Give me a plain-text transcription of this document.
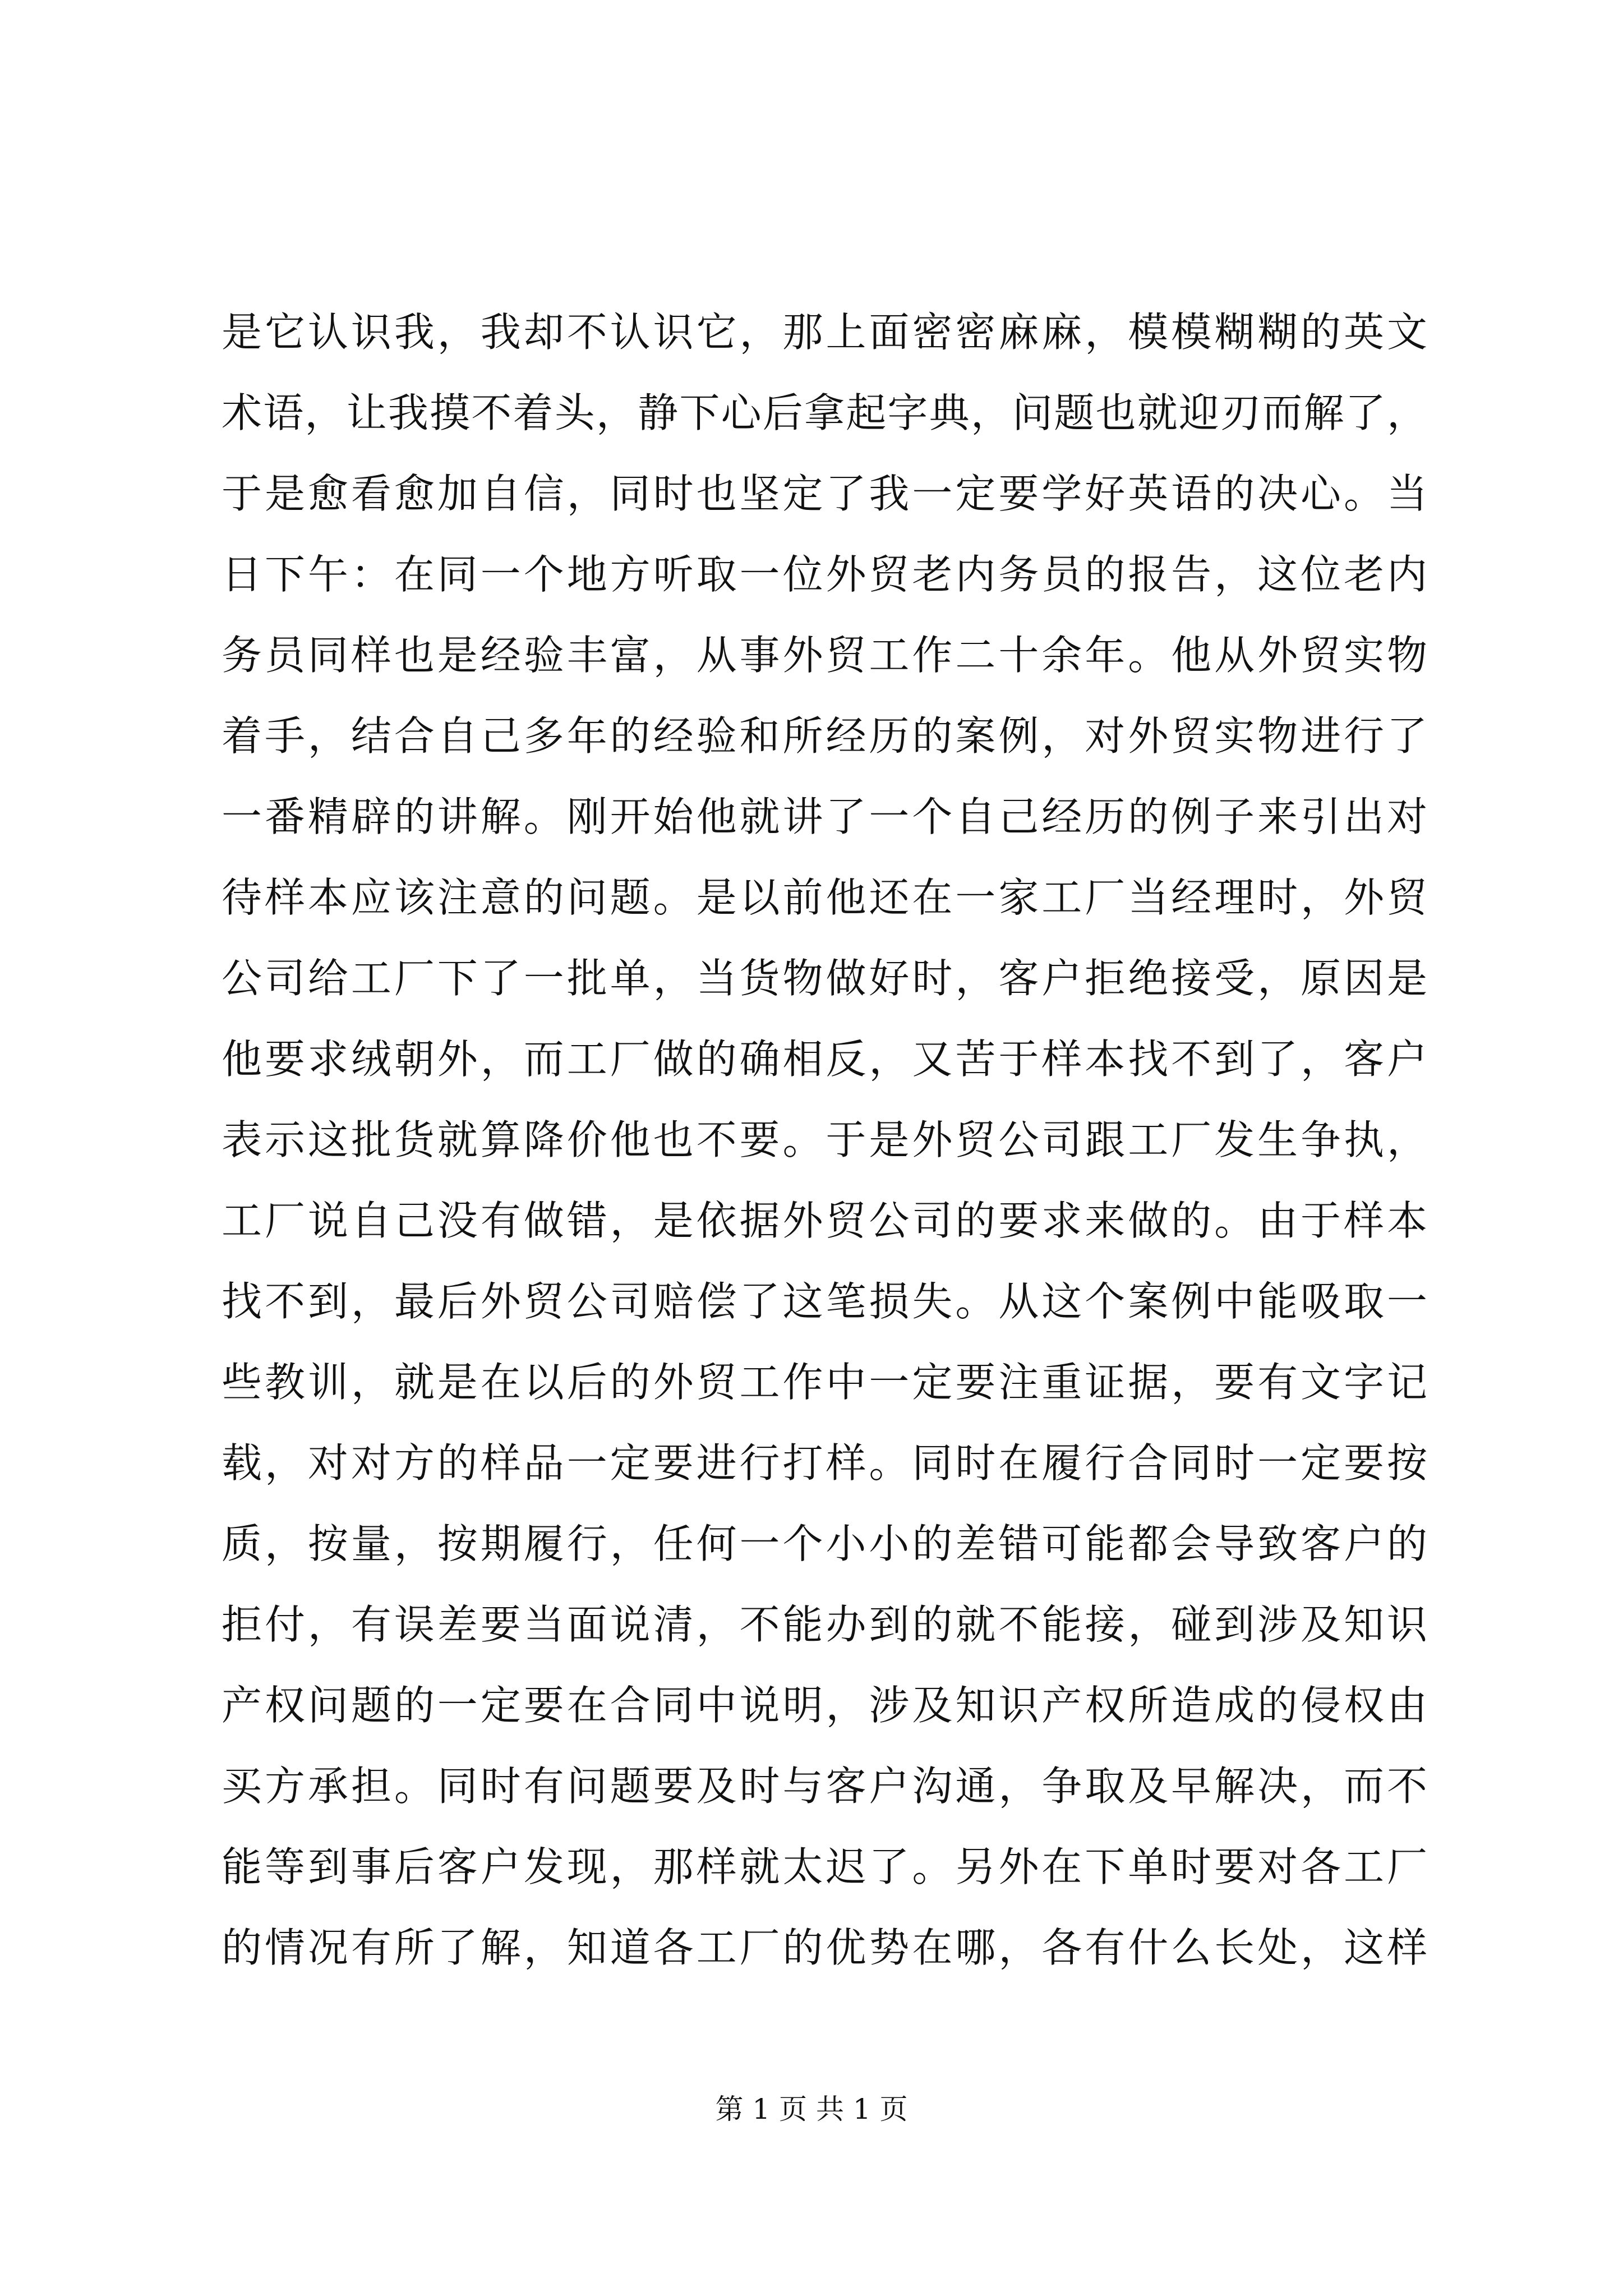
是它认识我，我却不认识它，那上面密密麻麻，模模糊糊的英文
术语，让我摸不着头，静下心后拿起字典，问题也就迎刃而解了，
于是愈看愈加自信，同时也坚定了我一定要学好英语的决心。当
日下午：在同一个地方听取一位外贸老内务员的报告，这位老内
务员同样也是经验丰富，从事外贸工作二十余年。他从外贸实物
着手，结合自己多年的经验和所经历的案例，对外贸实物进行了
一番精辟的讲解。刚开始他就讲了一个自己经历的例子来引出对
待样本应该注意的问题。是以前他还在一家工厂当经理时，外贸
公司给工厂下了一批单，当货物做好时，客户拒绝接受，原因是
他要求绒朝外，而工厂做的确相反，又苦于样本找不到了，客户
表示这批货就算降价他也不要。于是外贸公司跟工厂发生争执，
工厂说自己没有做错，是依据外贸公司的要求来做的。由于样本
找不到，最后外贸公司赔偿了这笔损失。从这个案例中能吸取一
些教训，就是在以后的外贸工作中一定要注重证据，要有文字记
载，对对方的样品一定要进行打样。同时在履行合同时一定要按
质，按量，按期履行，任何一个小小的差错可能都会导致客户的
拒付，有误差要当面说清，不能办到的就不能接，碰到涉及知识
产权问题的一定要在合同中说明，涉及知识产权所造成的侵权由
买方承担。同时有问题要及时与客户沟通，争取及早解决，而不
能等到事后客户发现，那样就太迟了。另外在下单时要对各工厂
的情况有所了解，知道各工厂的优势在哪，各有什么长处，这样
第 1 页 共 1 页
